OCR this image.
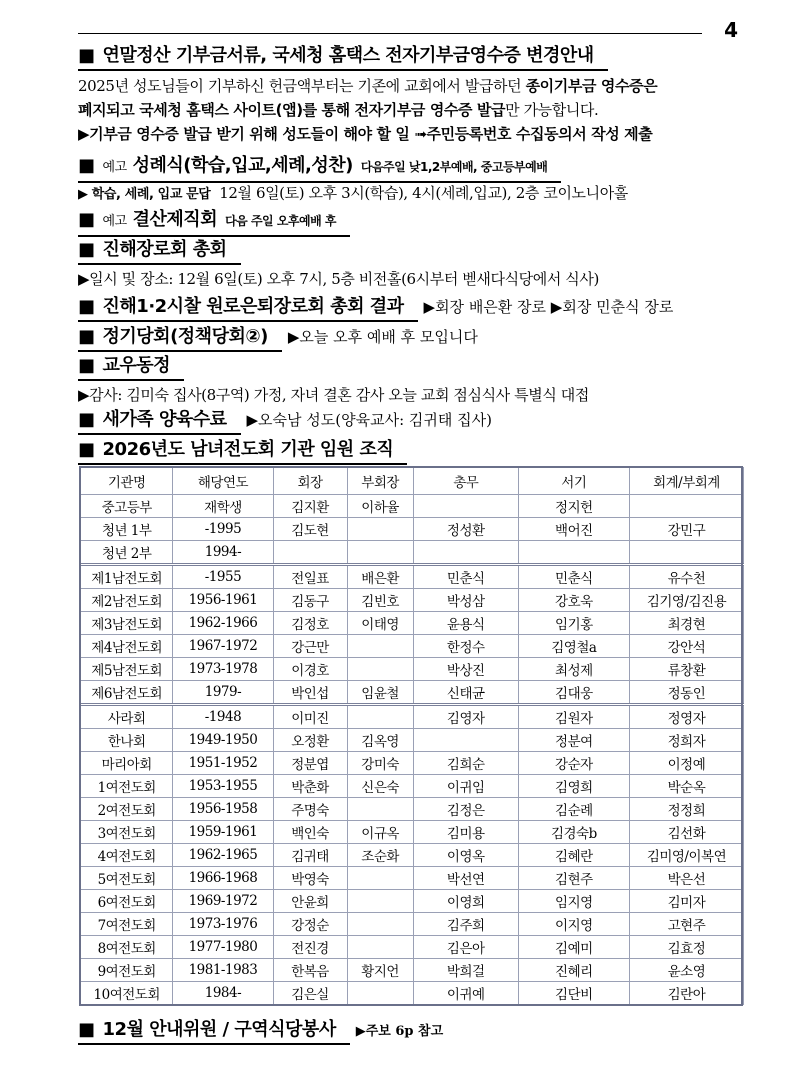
4
■ 연말정산 기부금서류, 국세청 홈택스 전자기부금영수증 변경안내
2025년 성도님들이 기부하신 헌금액부터는 기존에 교회에서 발급하던 종이기부금 영수증은
폐지되고 국세청 홈택스 사이트(앱)를 통해 전자기부금 영수증 발급만 가능합니다.
▶기부금 영수증 발급 받기 위해 성도들이 해야 할 일 ➟주민등록번호 수집동의서 작성 제출
■ 예고 성례식(학습,입교,세례,성찬) 다음주일 낮1,2부예배, 중고등부예배
▶ 학습, 세례, 입교 문답 12월 6일(토) 오후 3시(학습), 4시(세례,입교), 2층 코이노니아홀
■ 예고 결산제직회 다음 주일 오후예배 후
■ 진해장로회 총회
▶일시 및 장소: 12월 6일(토) 오후 7시, 5층 비전홀(6시부터 벧새다식당에서 식사)
■ 진해1·2시찰 원로은퇴장로회 총회 결과 ▶회장 배은환 장로 ▶회장 민춘식 장로
■ 정기당회(정책당회②) ▶오늘 오후 예배 후 모입니다
■ 교우동정
▶감사: 김미숙 집사(8구역) 가정, 자녀 결혼 감사 오늘 교회 점심식사 특별식 대접
■ 새가족 양육수료 ▶오숙남 성도(양육교사: 김귀태 집사)
■ 2026년도 남녀전도회 기관 임원 조직
기관명	해당연도	회장	부회장	총무	서기	회계/부회계
중고등부	재학생	김지환	이하율		정지헌	
청년 1부	-1995	김도현		정성환	백어진	강민구
청년 2부	1994-					
제1남전도회	-1955	전일표	배은환	민춘식	민춘식	유수천
제2남전도회	1956-1961	김동구	김빈호	박성삼	강호욱	김기영/김진용
제3남전도회	1962-1966	김정호	이태영	윤용식	임기홍	최경현
제4남전도회	1967-1972	강근만		한정수	김영철a	강안석
제5남전도회	1973-1978	이경호		박상진	최성제	류창환
제6남전도회	1979-	박인섭	임윤철	신태균	김대웅	정동인
사라회	-1948	이미진		김영자	김원자	정영자
한나회	1949-1950	오정환	김옥영		정분여	정희자
마리아회	1951-1952	정분엽	강미숙	김희순	강순자	이정예
1여전도회	1953-1955	박춘화	신은숙	이귀임	김영희	박순옥
2여전도회	1956-1958	주명숙		김정은	김순례	정정희
3여전도회	1959-1961	백인숙	이규옥	김미용	김경숙b	김선화
4여전도회	1962-1965	김귀태	조순화	이영옥	김혜란	김미영/이복연
5여전도회	1966-1968	박영숙		박선연	김현주	박은선
6여전도회	1969-1972	안윤희		이영희	임지영	김미자
7여전도회	1973-1976	강정순		김주희	이지영	고현주
8여전도회	1977-1980	전진경		김은아	김예미	김효정
9여전도회	1981-1983	한복음	황지언	박희걸	진혜리	윤소영
10여전도회	1984-	김은실		이귀예	김단비	김란아
■ 12월 안내위원 / 구역식당봉사 ▶주보 6p 참고
